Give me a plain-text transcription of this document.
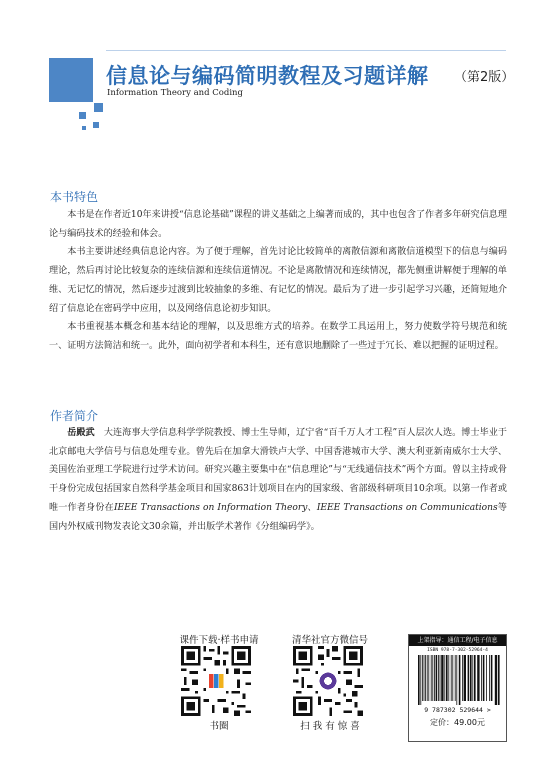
信息论与编码简明教程及习题详解 （第2版）
Information Theory and Coding
本书特色

本书是在作者近10年来讲授“信息论基础”课程的讲义基础之上编著而成的，其中也包含了作者多年研究信息理论与编码技术的经验和体会。

本书主要讲述经典信息论内容。为了便于理解，首先讨论比较简单的离散信源和离散信道模型下的信息与编码理论，然后再讨论比较复杂的连续信源和连续信道情况。不论是离散情况和连续情况，都先侧重讲解便于理解的单维、无记忆的情况，然后逐步过渡到比较抽象的多维、有记忆的情况。最后为了进一步引起学习兴趣，还简短地介绍了信息论在密码学中应用，以及网络信息论初步知识。

本书重视基本概念和基本结论的理解，以及思维方式的培养。在数学工具运用上，努力使数学符号规范和统一、证明方法简洁和统一。此外，面向初学者和本科生，还有意识地删除了一些过于冗长、难以把握的证明过程。

作者简介

岳殿武　 大连海事大学信息科学学院教授、博士生导师，辽宁省“百千万人才工程”百人层次人选。博士毕业于北京邮电大学信号与信息处理专业。曾先后在加拿大滑铁卢大学、中国香港城市大学、澳大利亚新南威尔士大学、美国佐治亚理工学院进行过学术访问。研究兴趣主要集中在“信息理论”与“无线通信技术”两个方面。曾以主持或骨干身份完成包括国家自然科学基金项目和国家863计划项目在内的国家级、省部级科研项目10余项。以第一作者或唯一作者身份在IEEE Transactions on Information Theory、IEEE Transactions on Communications等国内外权威刊物发表论文30余篇，并出版学术著作《分组编码学》。

课件下载·样书申请
书圈
清华社官方微信号
扫 我 有 惊 喜
上架指导：通信工程/电子信息
ISBN 978-7-302-52964-4
9 787302 529644 >
定价：49.00元
